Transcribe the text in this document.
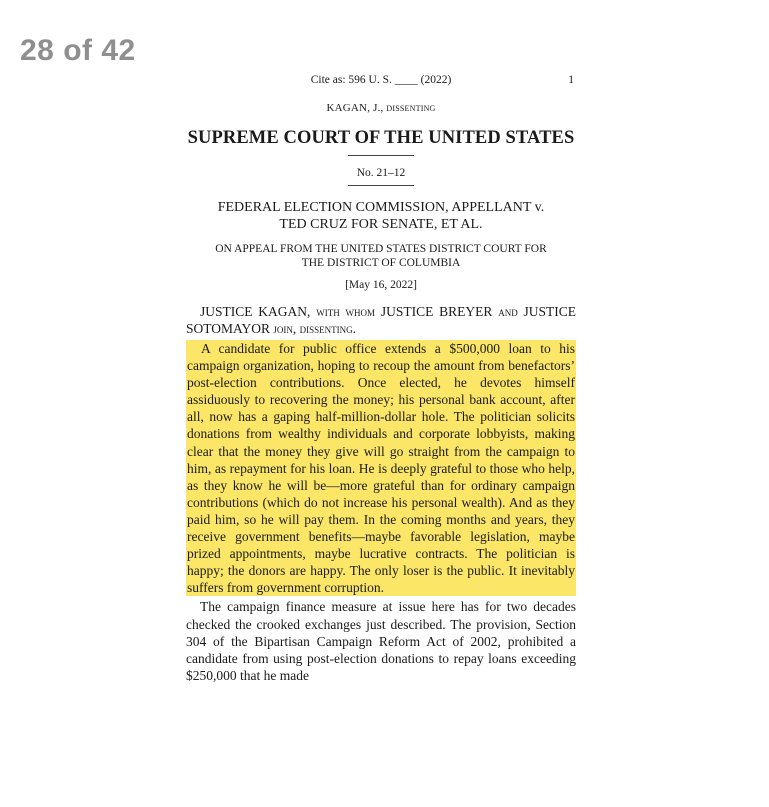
28 of 42
Cite as: 596 U. S. ____ (2022)	1
KAGAN, J., dissenting
SUPREME COURT OF THE UNITED STATES
No. 21–12
FEDERAL ELECTION COMMISSION, APPELLANT v.
TED CRUZ FOR SENATE, ET AL.
ON APPEAL FROM THE UNITED STATES DISTRICT COURT FOR
THE DISTRICT OF COLUMBIA
[May 16, 2022]
JUSTICE KAGAN, with whom JUSTICE BREYER and JUSTICE SOTOMAYOR join, dissenting.
A candidate for public office extends a $500,000 loan to his campaign organization, hoping to recoup the amount from benefactors’ post-election contributions. Once elected, he devotes himself assiduously to recovering the money; his personal bank account, after all, now has a gaping half-million-dollar hole. The politician solicits donations from wealthy individuals and corporate lobbyists, making clear that the money they give will go straight from the campaign to him, as repayment for his loan. He is deeply grateful to those who help, as they know he will be—more grateful than for ordinary campaign contributions (which do not increase his personal wealth). And as they paid him, so he will pay them. In the coming months and years, they receive government benefits—maybe favorable legislation, maybe prized appointments, maybe lucrative contracts. The politician is happy; the donors are happy. The only loser is the public. It inevitably suffers from government corruption.
The campaign finance measure at issue here has for two decades checked the crooked exchanges just described. The provision, Section 304 of the Bipartisan Campaign Reform Act of 2002, prohibited a candidate from using post-election donations to repay loans exceeding $250,000 that he made
